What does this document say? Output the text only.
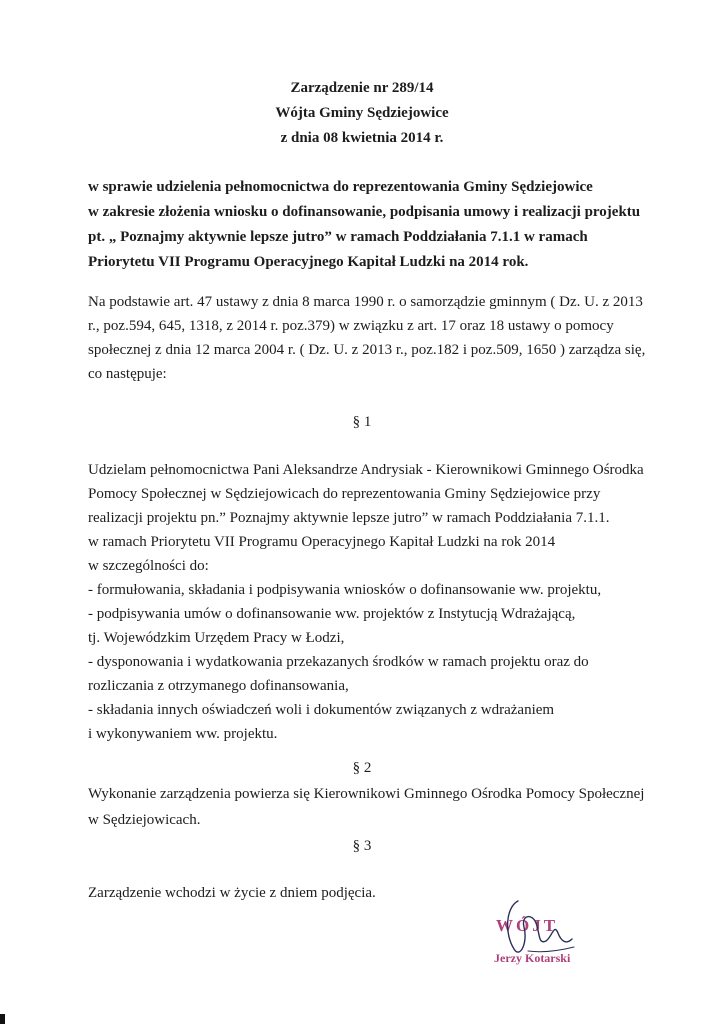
Zarządzenie nr 289/14
Wójta Gminy Sędziejowice
z dnia 08 kwietnia 2014 r.
w sprawie udzielenia pełnomocnictwa do reprezentowania Gminy Sędziejowice
w zakresie złożenia wniosku o dofinansowanie, podpisania umowy i realizacji projektu
pt. „ Poznajmy aktywnie lepsze jutro” w ramach Poddziałania 7.1.1 w ramach
Priorytetu VII Programu Operacyjnego Kapitał Ludzki na 2014 rok.
Na podstawie art. 47 ustawy z dnia 8 marca 1990 r. o samorządzie gminnym ( Dz. U. z 2013
r., poz.594, 645, 1318, z 2014 r. poz.379) w związku z art. 17 oraz 18 ustawy o pomocy
społecznej z dnia 12 marca 2004 r. ( Dz. U. z 2013 r., poz.182 i poz.509, 1650 ) zarządza się,
co następuje:
§ 1
Udzielam pełnomocnictwa Pani Aleksandrze Andrysiak - Kierownikowi Gminnego Ośrodka
Pomocy Społecznej w Sędziejowicach do reprezentowania Gminy Sędziejowice przy
realizacji projektu pn.” Poznajmy aktywnie lepsze jutro” w ramach Poddziałania 7.1.1.
w ramach Priorytetu VII Programu Operacyjnego Kapitał Ludzki na rok 2014
w szczególności do:
- formułowania, składania i podpisywania wniosków o dofinansowanie ww. projektu,
- podpisywania umów o dofinansowanie ww. projektów z Instytucją Wdrażającą,
tj. Wojewódzkim Urzędem Pracy w Łodzi,
- dysponowania i wydatkowania przekazanych środków w ramach projektu oraz do
rozliczania z otrzymanego dofinansowania,
- składania innych oświadczeń woli i dokumentów związanych z wdrażaniem
i wykonywaniem ww. projektu.
§ 2
Wykonanie zarządzenia powierza się Kierownikowi Gminnego Ośrodka Pomocy Społecznej
w Sędziejowicach.
§ 3
Zarządzenie wchodzi w życie z dniem podjęcia.
WÓJT
Jerzy Kotarski
